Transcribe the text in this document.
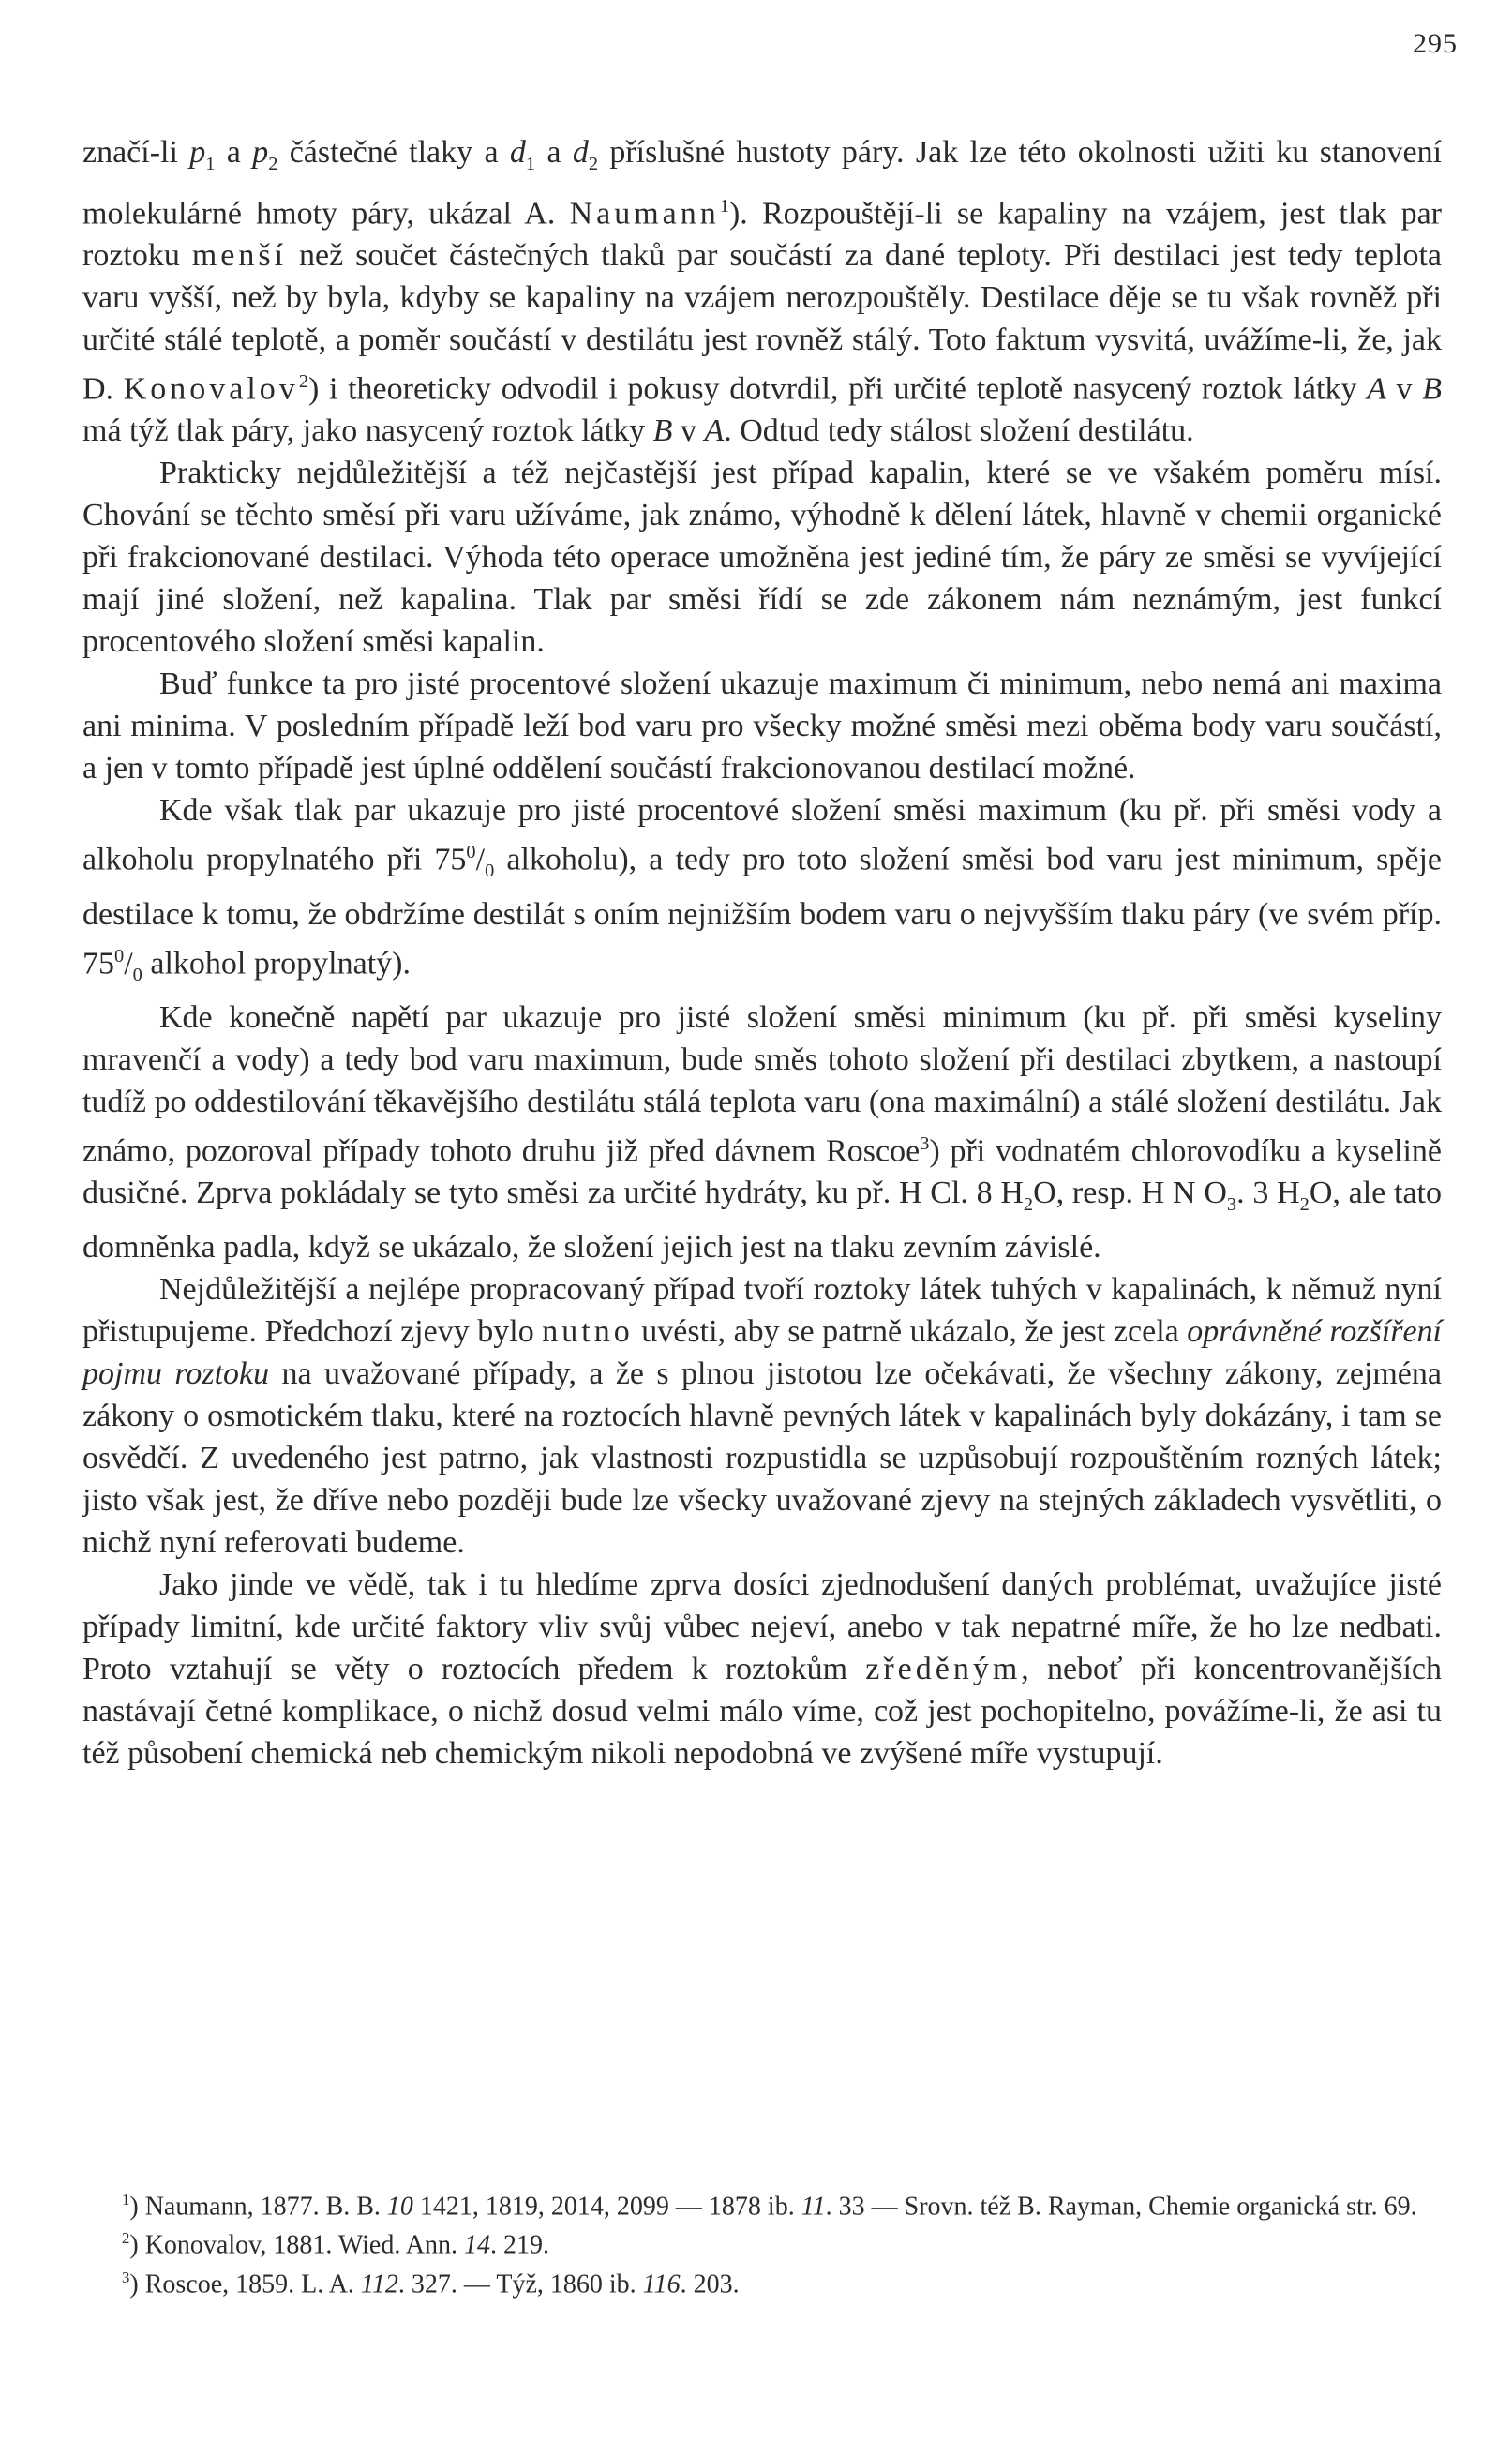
295

značí-li $p_1$ a $p_2$ částečné tlaky a $d_1$ a $d_2$ příslušné hustoty páry. Jak lze této okolnosti užiti ku stanovení molekulárné hmoty páry, ukázal A. Naumann$^1$). Rozpouštějí-li se kapaliny na vzájem, jest tlak par roztoku menší než součet částečných tlaků par součástí za dané teploty. Při destilaci jest tedy teplota varu vyšší, než by byla, kdyby se kapaliny na vzájem nerozpouštěly. Destilace děje se tu však rovněž při určité stálé teplotě, a poměr součástí v destilátu jest rovněž stálý. Toto faktum vysvitá, uvážíme-li, že, jak D. Konovalov$^2$) i theoreticky odvodil i pokusy dotvrdil, při určité teplotě nasycený roztok látky A v B má týž tlak páry, jako nasycený roztok látky B v A. Odtud tedy stálost složení destilátu.

Prakticky nejdůležitější a též nejčastější jest případ kapalin, které se ve všakém poměru mísí. Chování se těchto směsí při varu užíváme, jak známo, výhodně k dělení látek, hlavně v chemii organické při frakcionované destilaci. Výhoda této operace umožněna jest jediné tím, že páry ze směsi se vyvíjející mají jiné složení, než kapalina. Tlak par směsi řídí se zde zákonem nám neznámým, jest funkcí procentového složení směsi kapalin.

Buď funkce ta pro jisté procentové složení ukazuje maximum či minimum, nebo nemá ani maxima ani minima. V posledním případě leží bod varu pro všecky možné směsi mezi oběma body varu součástí, a jen v tomto případě jest úplné oddělení součástí frakcionovanou destilací možné.

Kde však tlak par ukazuje pro jisté procentové složení směsi maximum (ku př. při směsi vody a alkoholu propylnatého při $75^0/_0$ alkoholu), a tedy pro toto složení směsi bod varu jest minimum, spěje destilace k tomu, že obdržíme destilát s oním nejnižším bodem varu o nejvyšším tlaku páry (ve svém příp. $75^0/_0$ alkohol propylnatý).

Kde konečně napětí par ukazuje pro jisté složení směsi minimum (ku př. při směsi kyseliny mravenčí a vody) a tedy bod varu maximum, bude směs tohoto složení při destilaci zbytkem, a nastoupí tudíž po oddestilování těkavějšího destilátu stálá teplota varu (ona maximální) a stálé složení destilátu. Jak známo, pozoroval případy tohoto druhu již před dávnem Roscoe$^3$) při vodnatém chlorovodíku a kyselině dusičné. Zprva pokládaly se tyto směsi za určité hydráty, ku př. H Cl. 8 $H_2O$, resp. H N $O_3$. 3 $H_2O$, ale tato domněnka padla, když se ukázalo, že složení jejich jest na tlaku zevním závislé.

Nejdůležitější a nejlépe propracovaný případ tvoří roztoky látek tuhých v kapalinách, k němuž nyní přistupujeme. Předchozí zjevy bylo nutno uvésti, aby se patrně ukázalo, že jest zcela oprávněné rozšíření pojmu roztoku na uvažované případy, a že s plnou jistotou lze očekávati, že všechny zákony, zejména zákony o osmotickém tlaku, které na roztocích hlavně pevných látek v kapalinách byly dokázány, i tam se osvědčí. Z uvedeného jest patrno, jak vlastnosti rozpustidla se uzpůsobují rozpouštěním rozných látek; jisto však jest, že dříve nebo později bude lze všecky uvažované zjevy na stejných základech vysvětliti, o nichž nyní referovati budeme.

Jako jinde ve vědě, tak i tu hledíme zprva dosíci zjednodušení daných problémat, uvažujíce jisté případy limitní, kde určité faktory vliv svůj vůbec nejeví, anebo v tak nepatrné míře, že ho lze nedbati. Proto vztahují se věty o roztocích předem k roztokům zředěným, neboť při koncentrovanějších nastávají četné komplikace, o nichž dosud velmi málo víme, což jest pochopitelno, povážíme-li, že asi tu též působení chemická neb chemickým nikoli nepodobná ve zvýšené míře vystupují.

$^1$) Naumann, 1877. B. B. 10 1421, 1819, 2014, 2099 — 1878 ib. 11. 33 — Srovn. též B. Rayman, Chemie organická str. 69.

$^2$) Konovalov, 1881. Wied. Ann. 14. 219.

$^3$) Roscoe, 1859. L. A. 112. 327. — Týž, 1860 ib. 116. 203.
